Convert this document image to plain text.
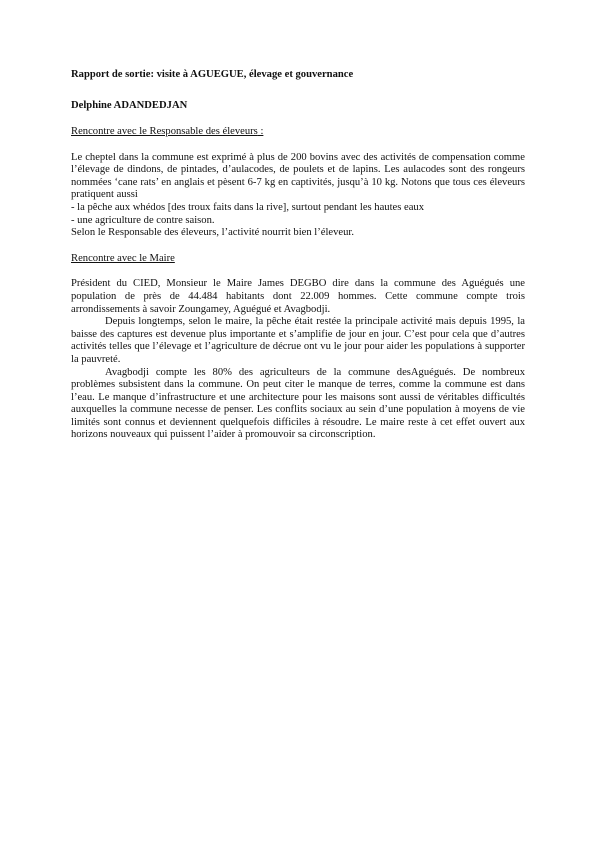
Rapport de sortie: visite à AGUEGUE, élevage et gouvernance

Delphine ADANDEDJAN

Rencontre avec le Responsable des éleveurs :

Le cheptel dans la commune est exprimé à plus de 200 bovins avec des activités de compensation comme l’élevage de dindons, de pintades, d’aulacodes, de poulets et de lapins. Les aulacodes sont des rongeurs nommées ‘cane rats’ en anglais et pèsent 6-7 kg en captivités, jusqu’à 10 kg. Notons que tous ces éleveurs pratiquent aussi

- la pêche aux whédos [des troux faits dans la rive], surtout pendant les hautes eaux
- une agriculture de contre saison.
Selon le Responsable des éleveurs, l’activité nourrit bien l’éleveur.

Rencontre avec le Maire

Président du CIED, Monsieur le Maire James DEGBO dire dans la commune des Aguégués une population de près de 44.484 habitants dont 22.009 hommes. Cette commune compte trois arrondissements à savoir Zoungamey, Aguégué et Avagbodji.

Depuis longtemps, selon le maire, la pêche était restée la principale activité mais depuis 1995, la baisse des captures est devenue plus importante et s’amplifie de jour en jour. C’est pour cela que d’autres activités telles que l’élevage et l’agriculture de décrue ont vu le jour pour aider les populations à supporter la pauvreté.

Avagbodji compte les 80% des agriculteurs de la commune desAguégués. De nombreux problèmes subsistent dans la commune. On peut citer le manque de terres, comme la commune est dans l’eau. Le manque d’infrastructure et une architecture pour les maisons sont aussi de véritables difficultés auxquelles la commune necesse de penser. Les conflits sociaux au sein d’une population à moyens de vie limités sont connus et deviennent quelquefois difficiles à résoudre. Le maire reste à cet effet ouvert aux horizons nouveaux qui puissent l’aider à promouvoir sa circonscription.
